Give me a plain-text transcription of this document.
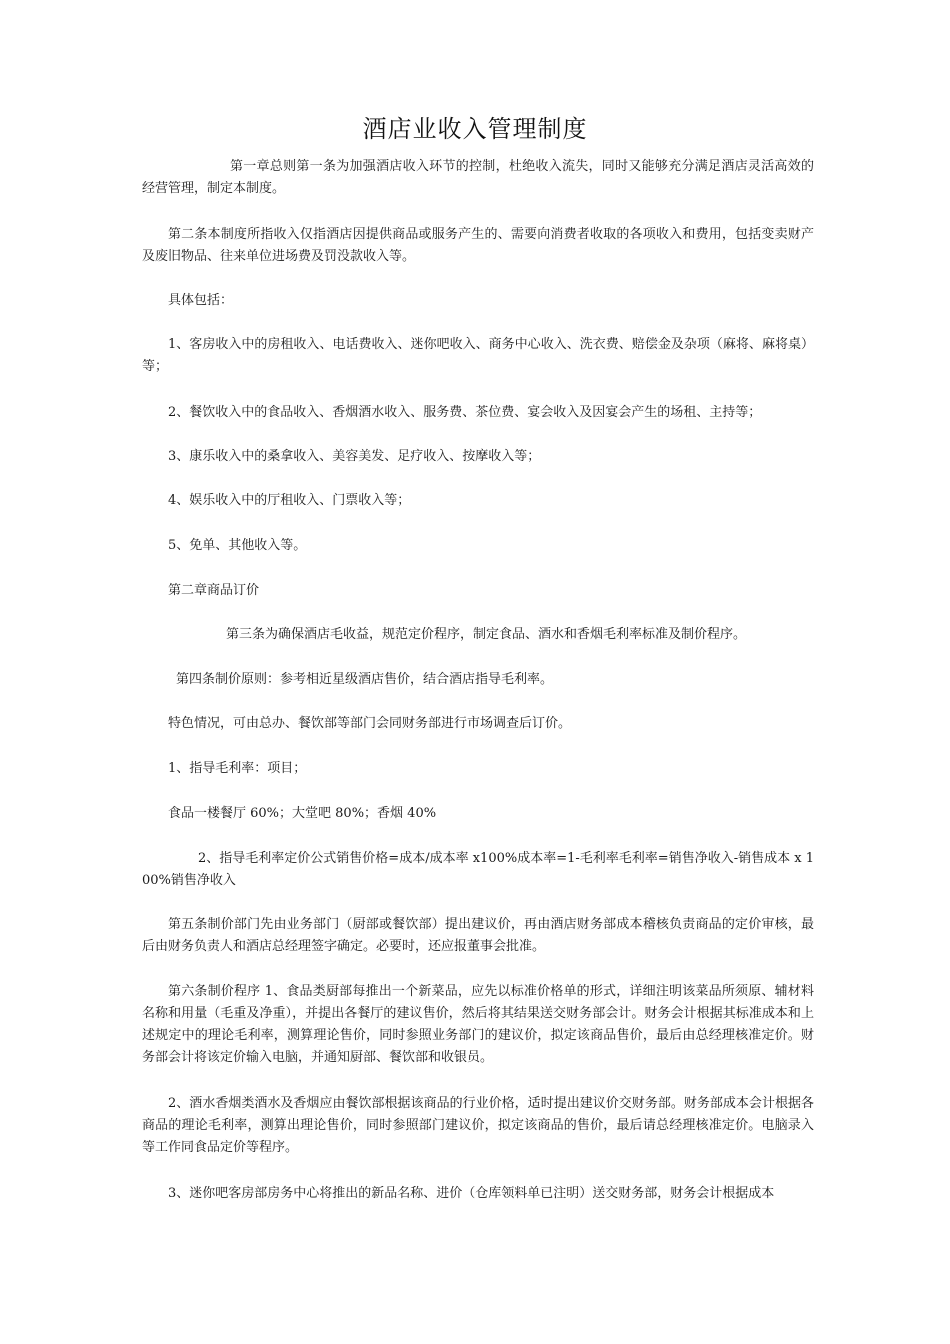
酒店业收入管理制度
第一章总则第一条为加强酒店收入环节的控制，杜绝收入流失，同时又能够充分满足酒店灵活高效的经营管理，制定本制度。
第二条本制度所指收入仅指酒店因提供商品或服务产生的、需要向消费者收取的各项收入和费用，包括变卖财产及废旧物品、往来单位进场费及罚没款收入等。
具体包括：
1、客房收入中的房租收入、电话费收入、迷你吧收入、商务中心收入、洗衣费、赔偿金及杂项（麻将、麻将桌）等；
2、餐饮收入中的食品收入、香烟酒水收入、服务费、茶位费、宴会收入及因宴会产生的场租、主持等；
3、康乐收入中的桑拿收入、美容美发、足疗收入、按摩收入等；
4、娱乐收入中的厅租收入、门票收入等；
5、免单、其他收入等。
第二章商品订价
第三条为确保酒店毛收益，规范定价程序，制定食品、酒水和香烟毛利率标准及制价程序。
第四条制价原则：参考相近星级酒店售价，结合酒店指导毛利率。
特色情况，可由总办、餐饮部等部门会同财务部进行市场调查后订价。
1、指导毛利率：项目；
食品一楼餐厅 60%；大堂吧 80%；香烟 40%
2、指导毛利率定价公式销售价格=成本/成本率 x100%成本率=1-毛利率毛利率=销售净收入-销售成本 x 100%销售净收入
第五条制价部门先由业务部门（厨部或餐饮部）提出建议价，再由酒店财务部成本稽核负责商品的定价审核，最后由财务负责人和酒店总经理签字确定。必要时，还应报董事会批准。
第六条制价程序 1、食品类厨部每推出一个新菜品，应先以标准价格单的形式，详细注明该菜品所须原、辅材料名称和用量（毛重及净重），并提出各餐厅的建议售价，然后将其结果送交财务部会计。财务会计根据其标准成本和上述规定中的理论毛利率，测算理论售价，同时参照业务部门的建议价，拟定该商品售价，最后由总经理核准定价。财务部会计将该定价输入电脑，并通知厨部、餐饮部和收银员。
2、酒水香烟类酒水及香烟应由餐饮部根据该商品的行业价格，适时提出建议价交财务部。财务部成本会计根据各商品的理论毛利率，测算出理论售价，同时参照部门建议价，拟定该商品的售价，最后请总经理核准定价。电脑录入等工作同食品定价等程序。
3、迷你吧客房部房务中心将推出的新品名称、进价（仓库领料单已注明）送交财务部，财务会计根据成本
